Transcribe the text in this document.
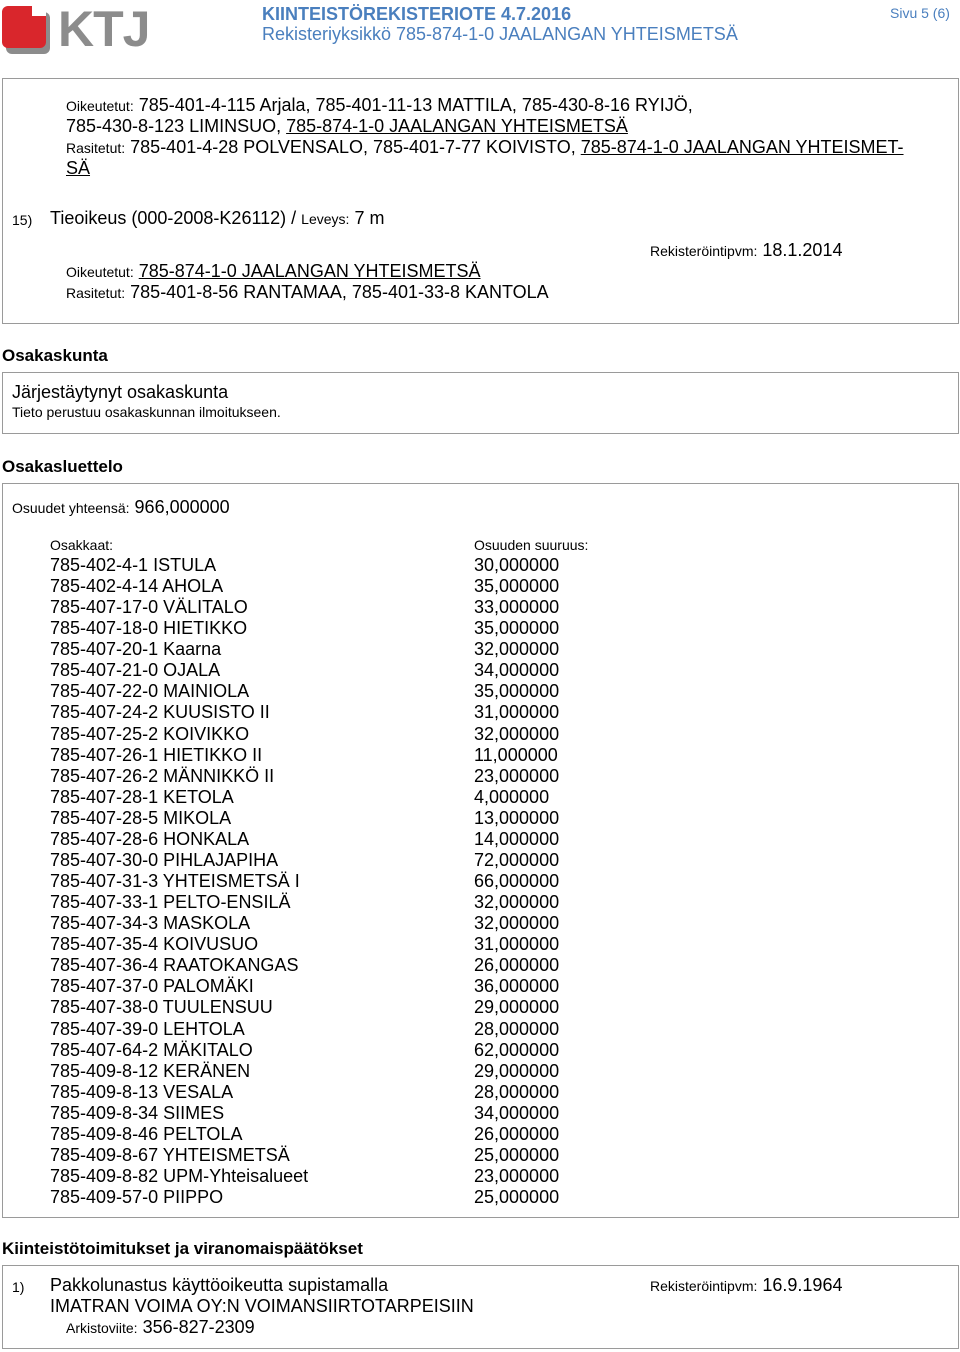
KTJ	KIINTEISTÖREKISTERIOTE 4.7.2016
Rekisteriyksikkö 785-874-1-0 JAALANGAN YHTEISMETSÄ
Sivu 5 (6)
Oikeutetut: 785-401-4-115 Arjala, 785-401-11-13 MATTILA, 785-430-8-16 RYIJÖ,
785-430-8-123 LIMINSUO, 785-874-1-0 JAALANGAN YHTEISMETSÄ
Rasitetut: 785-401-4-28 POLVENSALO, 785-401-7-77 KOIVISTO, 785-874-1-0 JAALANGAN YHTEISMET-
SÄ
15) Tieoikeus (000-2008-K26112) / Leveys: 7 m
Rekisteröintipvm: 18.1.2014
Oikeutetut: 785-874-1-0 JAALANGAN YHTEISMETSÄ
Rasitetut: 785-401-8-56 RANTAMAA, 785-401-33-8 KANTOLA
Osakaskunta
Järjestäytynyt osakaskunta
Tieto perustuu osakaskunnan ilmoitukseen.
Osakasluettelo
Osuudet yhteensä: 966,000000
Osakkaat:	Osuuden suuruus:
785-402-4-1 ISTULA	30,000000
785-402-4-14 AHOLA	35,000000
785-407-17-0 VÄLITALO	33,000000
785-407-18-0 HIETIKKO	35,000000
785-407-20-1 Kaarna	32,000000
785-407-21-0 OJALA	34,000000
785-407-22-0 MAINIOLA	35,000000
785-407-24-2 KUUSISTO II	31,000000
785-407-25-2 KOIVIKKO	32,000000
785-407-26-1 HIETIKKO II	11,000000
785-407-26-2 MÄNNIKKÖ II	23,000000
785-407-28-1 KETOLA	4,000000
785-407-28-5 MIKOLA	13,000000
785-407-28-6 HONKALA	14,000000
785-407-30-0 PIHLAJAPIHA	72,000000
785-407-31-3 YHTEISMETSÄ I	66,000000
785-407-33-1 PELTO-ENSILÄ	32,000000
785-407-34-3 MASKOLA	32,000000
785-407-35-4 KOIVUSUO	31,000000
785-407-36-4 RAATOKANGAS	26,000000
785-407-37-0 PALOMÄKI	36,000000
785-407-38-0 TUULENSUU	29,000000
785-407-39-0 LEHTOLA	28,000000
785-407-64-2 MÄKITALO	62,000000
785-409-8-12 KERÄNEN	29,000000
785-409-8-13 VESALA	28,000000
785-409-8-34 SIIMES	34,000000
785-409-8-46 PELTOLA	26,000000
785-409-8-67 YHTEISMETSÄ	25,000000
785-409-8-82 UPM-Yhteisalueet	23,000000
785-409-57-0 PIIPPO	25,000000
Kiinteistötoimitukset ja viranomaispäätökset
1) Pakkolunastus käyttöoikeutta supistamalla	Rekisteröintipvm: 16.9.1964
IMATRAN VOIMA OY:N VOIMANSIIRTOTARPEISIIN
Arkistoviite: 356-827-2309
